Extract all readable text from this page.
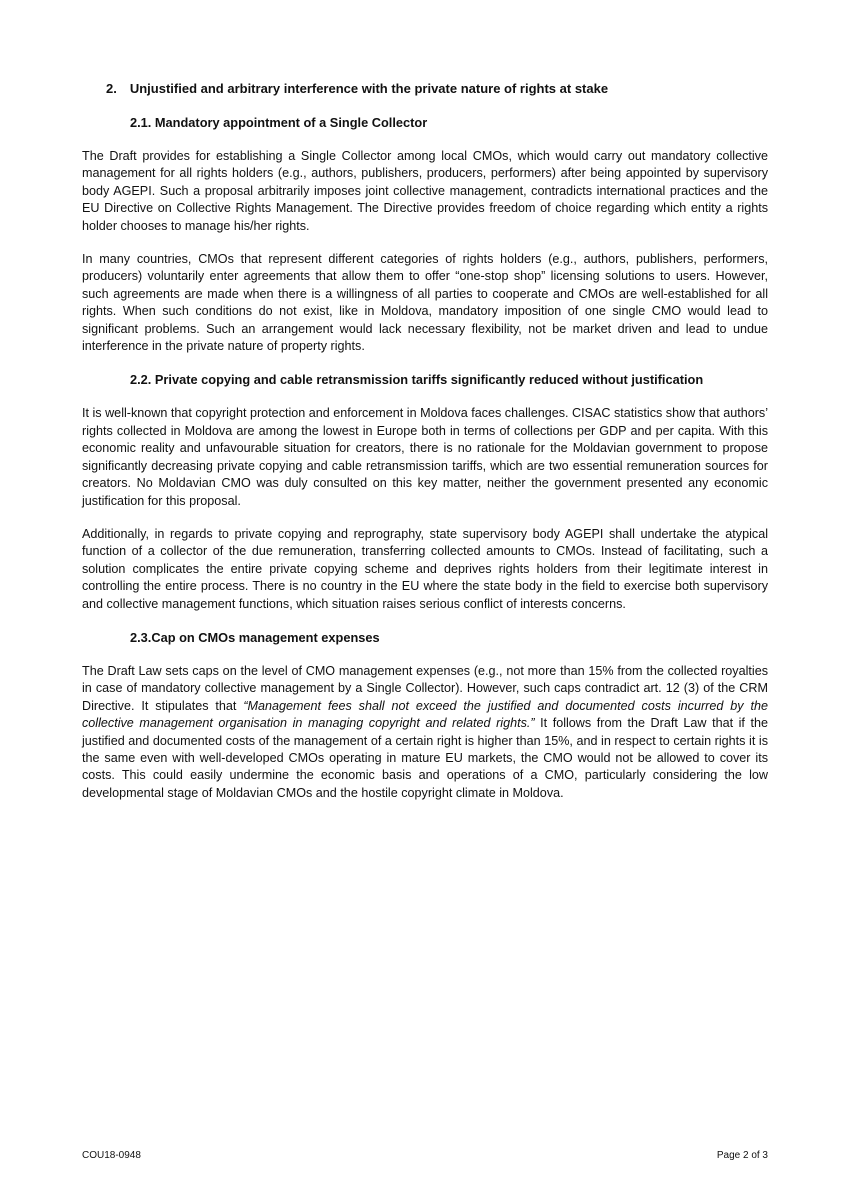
2. Unjustified and arbitrary interference with the private nature of rights at stake
2.1. Mandatory appointment of a Single Collector

The Draft provides for establishing a Single Collector among local CMOs, which would carry out mandatory collective management for all rights holders (e.g., authors, publishers, producers, performers) after being appointed by supervisory body AGEPI. Such a proposal arbitrarily imposes joint collective management, contradicts international practices and the EU Directive on Collective Rights Management. The Directive provides freedom of choice regarding which entity a rights holder chooses to manage his/her rights.

In many countries, CMOs that represent different categories of rights holders (e.g., authors, publishers, performers, producers) voluntarily enter agreements that allow them to offer “one-stop shop” licensing solutions to users. However, such agreements are made when there is a willingness of all parties to cooperate and CMOs are well-established for all rights. When such conditions do not exist, like in Moldova, mandatory imposition of one single CMO would lead to significant problems. Such an arrangement would lack necessary flexibility, not be market driven and lead to undue interference in the private nature of property rights.

2.2. Private copying and cable retransmission tariffs significantly reduced without justification

It is well-known that copyright protection and enforcement in Moldova faces challenges. CISAC statistics show that authors’ rights collected in Moldova are among the lowest in Europe both in terms of collections per GDP and per capita. With this economic reality and unfavourable situation for creators, there is no rationale for the Moldavian government to propose significantly decreasing private copying and cable retransmission tariffs, which are two essential remuneration sources for creators. No Moldavian CMO was duly consulted on this key matter, neither the government presented any economic justification for this proposal.

Additionally, in regards to private copying and reprography, state supervisory body AGEPI shall undertake the atypical function of a collector of the due remuneration, transferring collected amounts to CMOs. Instead of facilitating, such a solution complicates the entire private copying scheme and deprives rights holders from their legitimate interest in controlling the entire process. There is no country in the EU where the state body in the field to exercise both supervisory and collective management functions, which situation raises serious conflict of interests concerns.

2.3.Cap on CMOs management expenses

The Draft Law sets caps on the level of CMO management expenses (e.g., not more than 15% from the collected royalties in case of mandatory collective management by a Single Collector). However, such caps contradict art. 12 (3) of the CRM Directive. It stipulates that “Management fees shall not exceed the justified and documented costs incurred by the collective management organisation in managing copyright and related rights.” It follows from the Draft Law that if the justified and documented costs of the management of a certain right is higher than 15%, and in respect to certain rights it is the same even with well-developed CMOs operating in mature EU markets, the CMO would not be allowed to cover its costs. This could easily undermine the economic basis and operations of a CMO, particularly considering the low developmental stage of Moldavian CMOs and the hostile copyright climate in Moldova.

COU18-0948	Page 2 of 3
